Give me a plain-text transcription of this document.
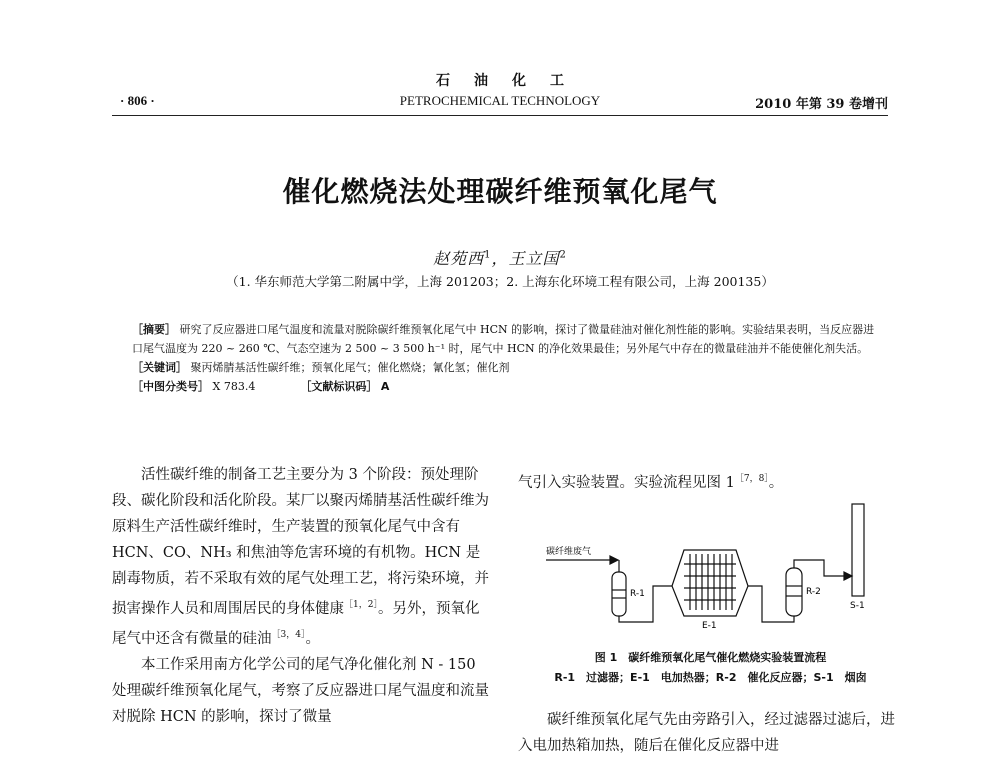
石油化工
· 806 ·	PETROCHEMICAL TECHNOLOGY	2010 年第 39 卷增刊
催化燃烧法处理碳纤维预氧化尾气
赵苑西$^1$，王立国$^2$
（1. 华东师范大学第二附属中学，上海 201203；2. 上海东化环境工程有限公司，上海 200135）

［摘要］ 研究了反应器进口尾气温度和流量对脱除碳纤维预氧化尾气中 HCN 的影响，探讨了微量硅油对催化剂性能的影响。实验结果表明，当反应器进口尾气温度为 220 ~ 260 ℃、气态空速为 2 500 ~ 3 500 h⁻¹ 时，尾气中 HCN 的净化效果最佳；另外尾气中存在的微量硅油并不能使催化剂失活。

［关键词］ 聚丙烯腈基活性碳纤维；预氧化尾气；催化燃烧；氰化氢；催化剂

［中图分类号］ X 783.4	［文献标识码］ A

活性碳纤维的制备工艺主要分为 3 个阶段：预处理阶段、碳化阶段和活化阶段。某厂以聚丙烯腈基活性碳纤维为原料生产活性碳纤维时，生产装置的预氧化尾气中含有 HCN、CO、NH₃ 和焦油等危害环境的有机物。HCN 是剧毒物质，若不采取有效的尾气处理工艺，将污染环境，并损害操作人员和周围居民的身体健康$^{[1,2]}$。另外，预氧化尾气中还含有微量的硅油$^{[3,4]}$。

本工作采用南方化学公司的尾气净化催化剂 N - 150 处理碳纤维预氧化尾气，考察了反应器进口尾气温度和流量对脱除 HCN 的影响，探讨了微量

气引入实验装置。实验流程见图 1$^{[7,8]}$。

碳纤维废气
R-1
E-1
R-2
S-1
图 1　碳纤维预氧化尾气催化燃烧实验装置流程
R-1　过滤器；E-1　电加热器；R-2　催化反应器；S-1　烟囱

碳纤维预氧化尾气先由旁路引入，经过滤器过滤后，进入电加热箱加热，随后在催化反应器中进
